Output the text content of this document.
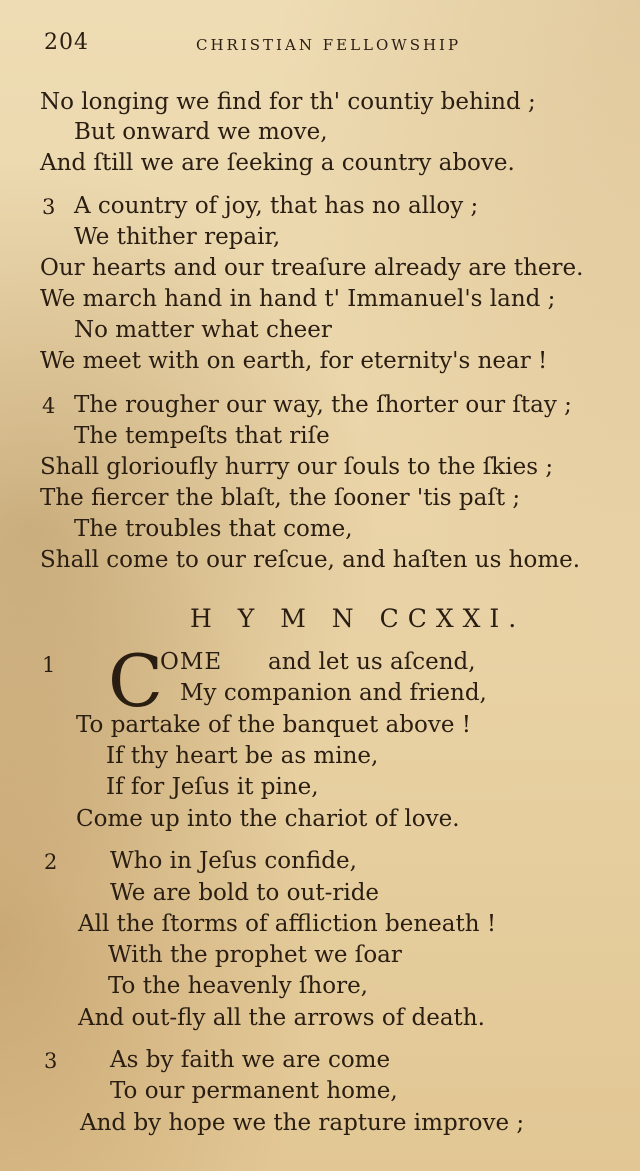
204	CHRISTIAN FELLOWSHIP
No longing we find for th' countiy behind ;
But onward we move,
And ſtill we are ſeeking a country above.
3 A country of joy, that has no alloy ;
We thither repair,
Our hearts and our treaſure already are there.
We march hand in hand t' Immanuel's land ;
No matter what cheer
We meet with on earth, for eternity's near !
4 The rougher our way, the ſhorter our ſtay ;
The tempeſts that riſe
Shall glorioufly hurry our ſouls to the ſkies ;
The fiercer the blaſt, the ſooner 'tis paſt ;
The troubles that come,
Shall come to our reſcue, and haſten us home.
H Y M N CCXXI.
1 C
OME and let us aſcend,
My companion and friend,
To partake of the banquet above !
If thy heart be as mine,
If for Jeſus it pine,
Come up into the chariot of love.
2 Who in Jeſus confide,
We are bold to out-ride
All the ſtorms of affliction beneath !
With the prophet we ſoar
To the heavenly ſhore,
And out-fly all the arrows of death.
3 As by faith we are come
To our permanent home,
And by hope we the rapture improve ;
